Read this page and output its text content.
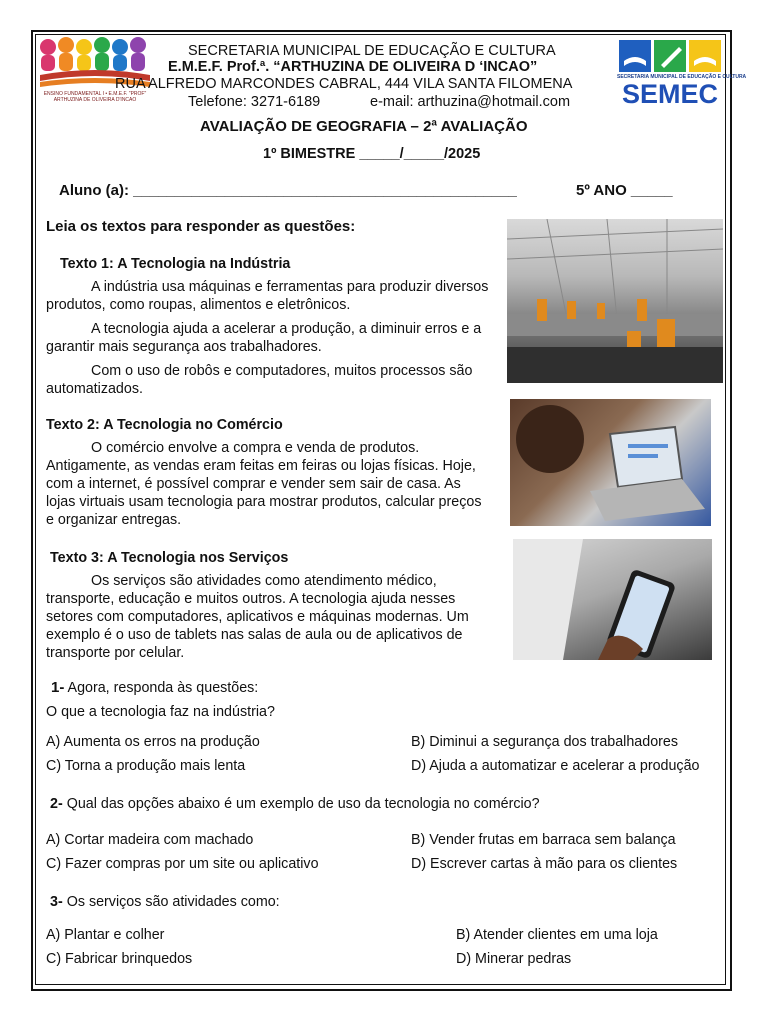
ENSINO FUNDAMENTAL I • E.M.E.F. "PROF" ARTHUZINA DE OLIVEIRA D'INCAO
SECRETARIA MUNICIPAL DE EDUCAÇÃO E CULTURA
SEMEC
SECRETARIA MUNICIPAL DE EDUCAÇÃO E CULTURA
E.M.E.F. Prof.ª. “ARTHUZINA DE OLIVEIRA D ‘INCAO”
RUA ALFREDO MARCONDES CABRAL, 444 VILA SANTA FILOMENA
Telefone: 3271-6189	e-mail: arthuzina@hotmail.com
AVALIAÇÃO DE GEOGRAFIA – 2ª AVALIAÇÃO
1º BIMESTRE _____/_____/2025
Aluno (a): ______________________________________________	5º ANO _____
Leia os textos para responder as questões:
Texto 1: A Tecnologia na Indústria
A indústria usa máquinas e ferramentas para produzir diversos produtos, como roupas, alimentos e eletrônicos.
A tecnologia ajuda a acelerar a produção, a diminuir erros e a garantir mais segurança aos trabalhadores.
Com o uso de robôs e computadores, muitos processos são automatizados.
Texto 2: A Tecnologia no Comércio
O comércio envolve a compra e venda de produtos. Antigamente, as vendas eram feitas em feiras ou lojas físicas. Hoje, com a internet, é possível comprar e vender sem sair de casa. As lojas virtuais usam tecnologia para mostrar produtos, calcular preços e organizar entregas.
Texto 3: A Tecnologia nos Serviços
Os serviços são atividades como atendimento médico, transporte, educação e muitos outros. A tecnologia ajuda nesses setores com computadores, aplicativos e máquinas modernas. Um exemplo é o uso de tablets nas salas de aula ou de aplicativos de transporte por celular.
1- Agora, responda às questões:
O que a tecnologia faz na indústria?
A) Aumenta os erros na produção	B) Diminui a segurança dos trabalhadores
C) Torna a produção mais lenta	D) Ajuda a automatizar e acelerar a produção
2- Qual das opções abaixo é um exemplo de uso da tecnologia no comércio?
A) Cortar madeira com machado	B) Vender frutas em barraca sem balança
C) Fazer compras por um site ou aplicativo	D) Escrever cartas à mão para os clientes
3- Os serviços são atividades como:
A) Plantar e colher	B) Atender clientes em uma loja
C) Fabricar brinquedos	D) Minerar pedras
